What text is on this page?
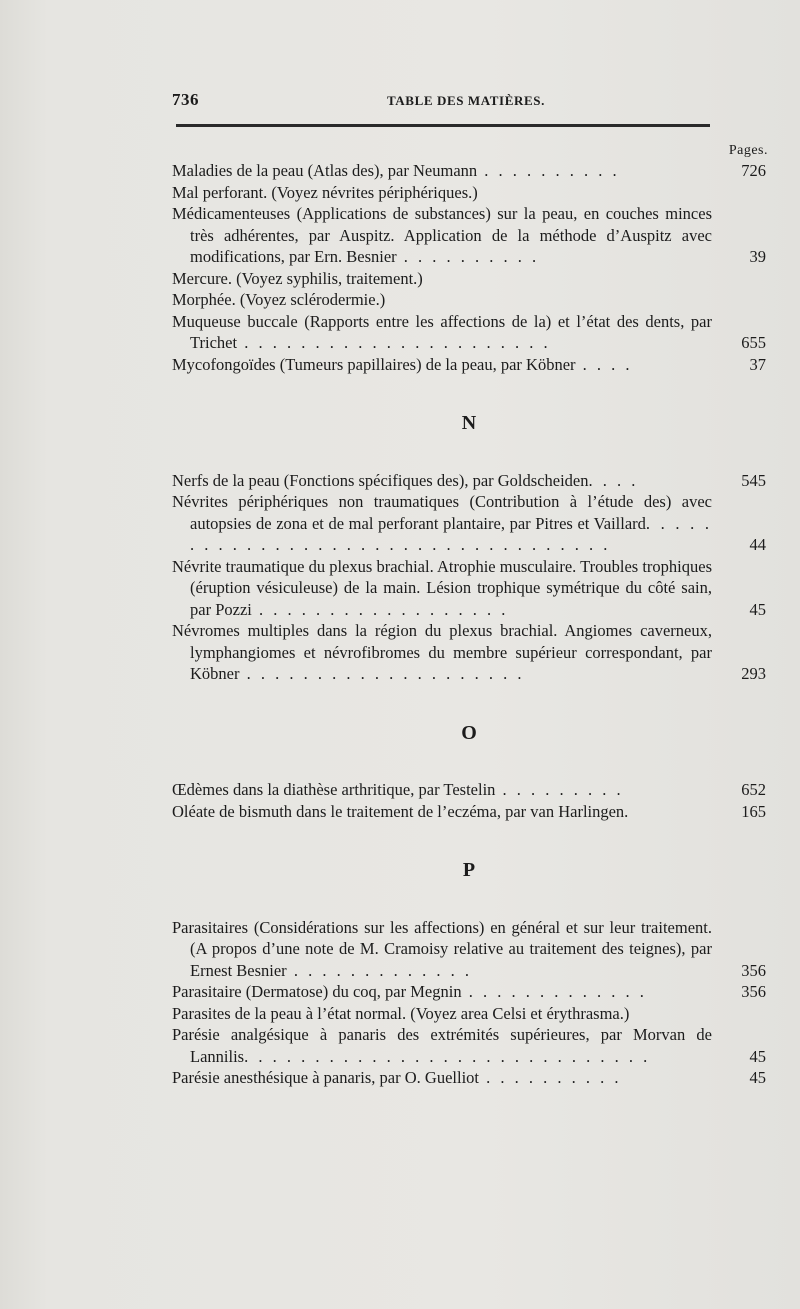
736	TABLE DES MATIÈRES.
Pages.
Maladies de la peau (Atlas des), par Neumann . . . . . . . . . .	726
Mal perforant. (Voyez névrites périphériques.)
Médicamenteuses (Applications de substances) sur la peau, en couches minces très adhérentes, par Auspitz. Application de la méthode d’Auspitz avec modifications, par Ern. Besnier . . . . . . . . . .	39
Mercure. (Voyez syphilis, traitement.)
Morphée. (Voyez sclérodermie.)
Muqueuse buccale (Rapports entre les affections de la) et l’état des dents, par Trichet . . . . . . . . . . . . . . . . . . . . . .	655
Mycofongoïdes (Tumeurs papillaires) de la peau, par Köbner . . . .	37
N
Nerfs de la peau (Fonctions spécifiques des), par Goldscheiden. . . .	545
Névrites périphériques non traumatiques (Contribution à l’étude des) avec autopsies de zona et de mal perforant plantaire, par Pitres et Vaillard. . . . . . . . . . . . . . . . . . . . . . . . . . . . . . . . . . .	44
Névrite traumatique du plexus brachial. Atrophie musculaire. Troubles trophiques (éruption vésiculeuse) de la main. Lésion trophique symétrique du côté sain, par Pozzi . . . . . . . . . . . . . . . . . .	45
Névromes multiples dans la région du plexus brachial. Angiomes caverneux, lymphangiomes et névrofibromes du membre supérieur correspondant, par Köbner . . . . . . . . . . . . . . . . . . . .	293
O
Œdèmes dans la diathèse arthritique, par Testelin . . . . . . . . .	652
Oléate de bismuth dans le traitement de l’eczéma, par van Harlingen.	165
P
Parasitaires (Considérations sur les affections) en général et sur leur traitement. (A propos d’une note de M. Cramoisy relative au traitement des teignes), par Ernest Besnier . . . . . . . . . . . . .	356
Parasitaire (Dermatose) du coq, par Megnin . . . . . . . . . . . . .	356
Parasites de la peau à l’état normal. (Voyez area Celsi et érythrasma.)
Parésie analgésique à panaris des extrémités supérieures, par Morvan de Lannilis. . . . . . . . . . . . . . . . . . . . . . . . . . . . .	45
Parésie anesthésique à panaris, par O. Guelliot . . . . . . . . . .	45
